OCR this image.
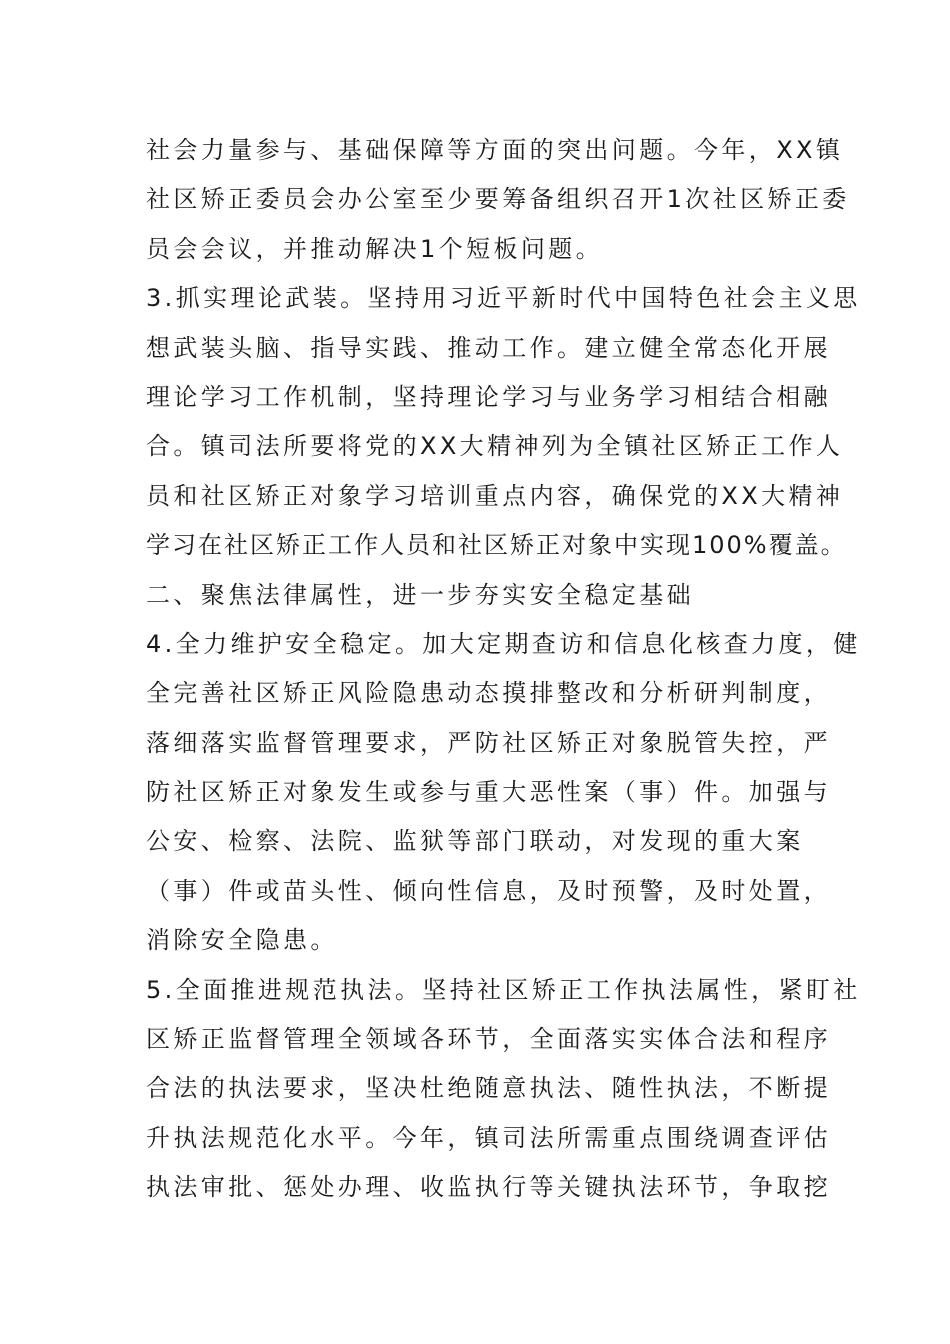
社会力量参与、基础保障等方面的突出问题。今年，XX镇
社区矫正委员会办公室至少要筹备组织召开1次社区矫正委
员会会议，并推动解决1个短板问题。
3.抓实理论武装。坚持用习近平新时代中国特色社会主义思
想武装头脑、指导实践、推动工作。建立健全常态化开展
理论学习工作机制，坚持理论学习与业务学习相结合相融
合。镇司法所要将党的XX大精神列为全镇社区矫正工作人
员和社区矫正对象学习培训重点内容，确保党的XX大精神
学习在社区矫正工作人员和社区矫正对象中实现100%覆盖。
二、聚焦法律属性，进一步夯实安全稳定基础
4.全力维护安全稳定。加大定期查访和信息化核查力度，健
全完善社区矫正风险隐患动态摸排整改和分析研判制度，
落细落实监督管理要求，严防社区矫正对象脱管失控，严
防社区矫正对象发生或参与重大恶性案（事）件。加强与
公安、检察、法院、监狱等部门联动，对发现的重大案
（事）件或苗头性、倾向性信息，及时预警，及时处置，
消除安全隐患。
5.全面推进规范执法。坚持社区矫正工作执法属性，紧盯社
区矫正监督管理全领域各环节，全面落实实体合法和程序
合法的执法要求，坚决杜绝随意执法、随性执法，不断提
升执法规范化水平。今年，镇司法所需重点围绕调查评估
执法审批、惩处办理、收监执行等关键执法环节，争取挖
